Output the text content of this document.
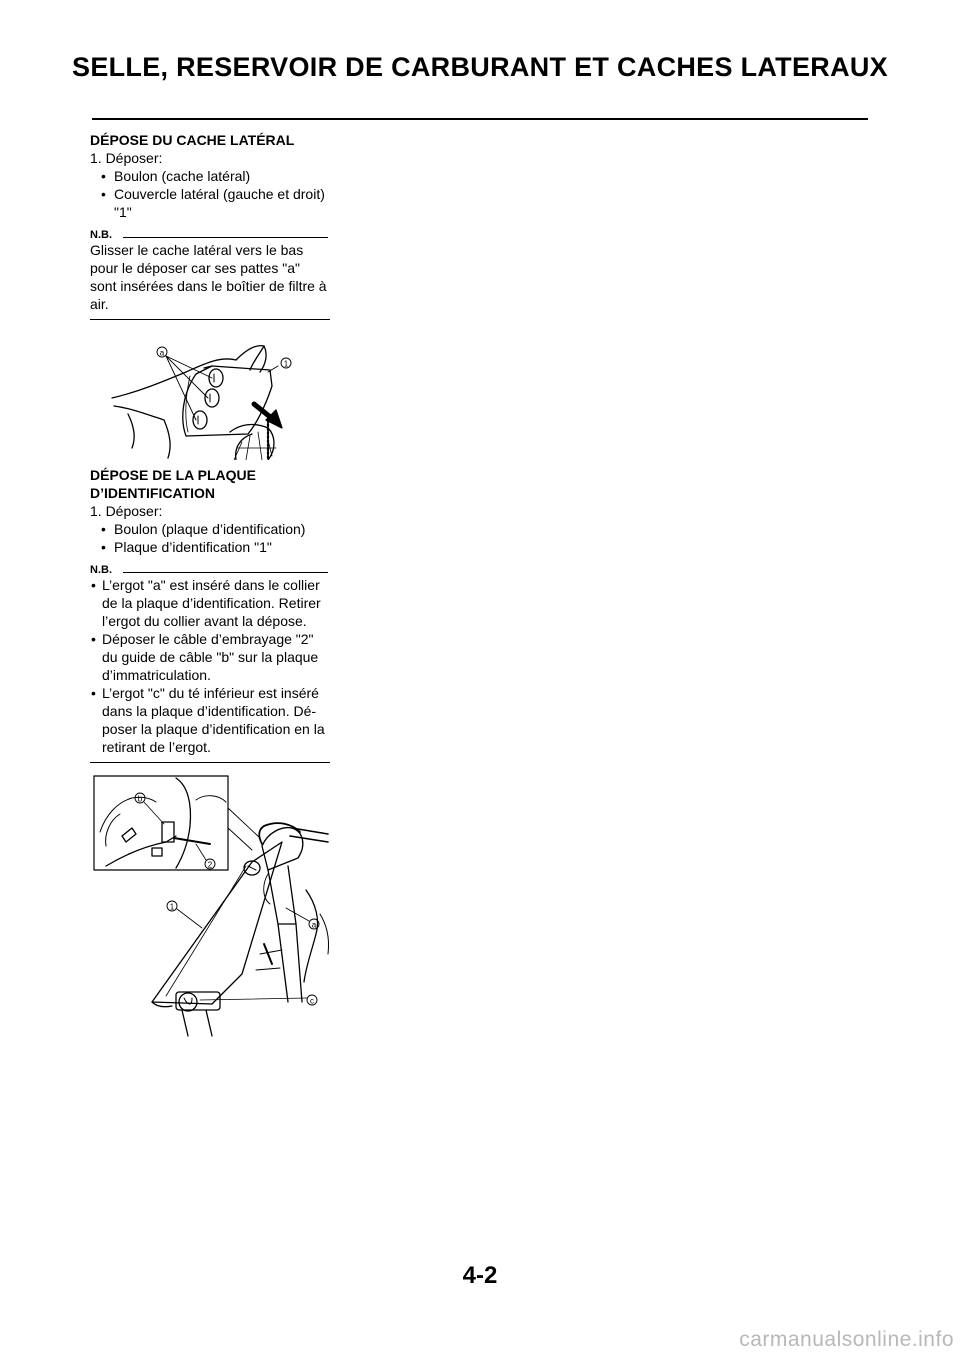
SELLE, RESERVOIR DE CARBURANT ET CACHES LATERAUX
DÉPOSE DU CACHE LATÉRAL
1. Déposer:
• Boulon (cache latéral)
• Couvercle latéral (gauche et droit) "1"
N.B.
Glisser le cache latéral vers le bas pour le déposer car ses pattes "a" sont insérées dans le boîtier de filtre à air.
a
1
DÉPOSE DE LA PLAQUE D’IDENTIFICATION
1. Déposer:
• Boulon (plaque d’identification)
• Plaque d’identification "1"
N.B.
• L’ergot "a" est inséré dans le collier de la plaque d’identification. Retirer l’ergot du collier avant la dépose.
• Déposer le câble d’embrayage "2" du guide de câble "b" sur la plaque d’immatriculation.
• L’ergot "c" du té inférieur est inséré dans la plaque d’identification. Dé-poser la plaque d’identification en la retirant de l’ergot.
b
2
1
a
c
4-2
carmanualsonline.info
